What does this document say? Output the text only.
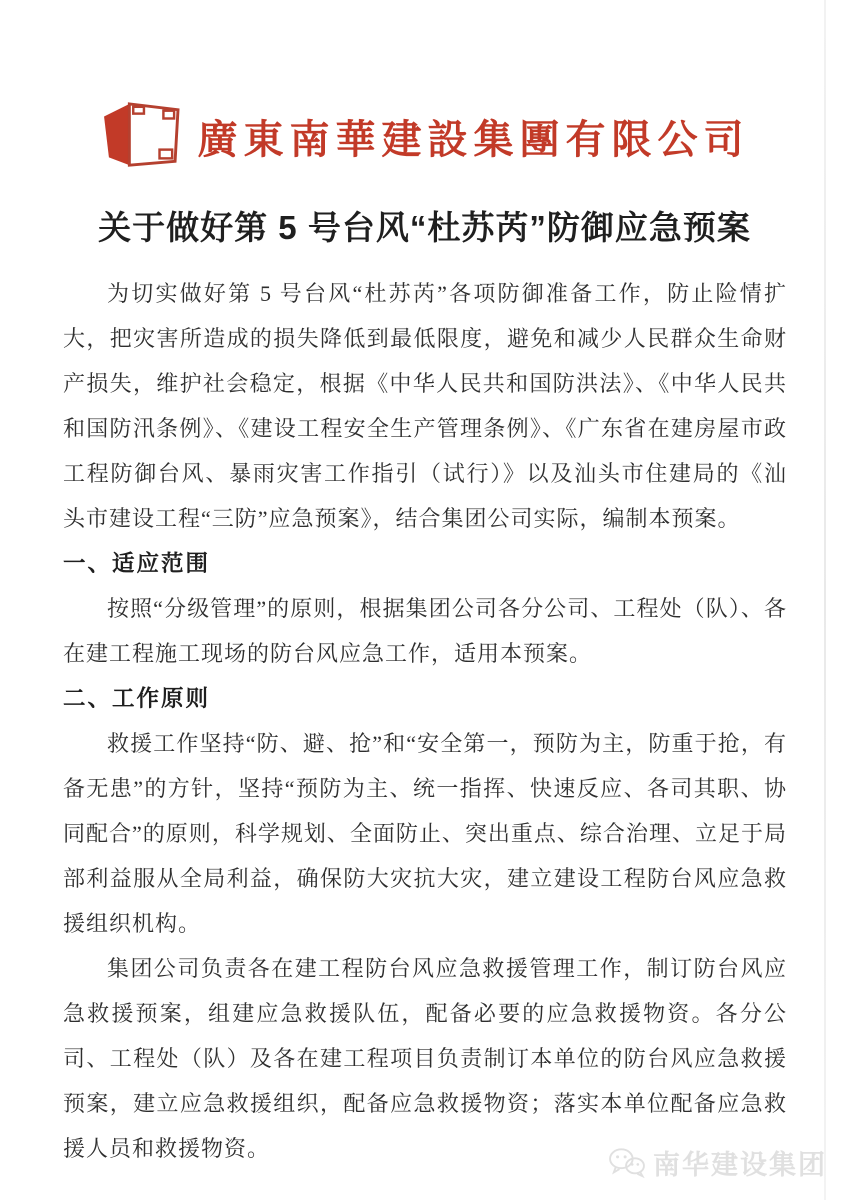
廣東南華建設集團有限公司
关于做好第 5 号台风“杜苏芮”防御应急预案

为切实做好第 5 号台风“杜苏芮”各项防御准备工作，防止险情扩大，把灾害所造成的损失降低到最低限度，避免和减少人民群众生命财产损失，维护社会稳定，根据《中华人民共和国防洪法》、《中华人民共和国防汛条例》、《建设工程安全生产管理条例》、《广东省在建房屋市政工程防御台风、暴雨灾害工作指引（试行）》以及汕头市住建局的《汕头市建设工程“三防”应急预案》，结合集团公司实际，编制本预案。

一、适应范围

按照“分级管理”的原则，根据集团公司各分公司、工程处（队）、各在建工程施工现场的防台风应急工作，适用本预案。

二、工作原则

救援工作坚持“防、避、抢”和“安全第一，预防为主，防重于抢，有备无患”的方针，坚持“预防为主、统一指挥、快速反应、各司其职、协同配合”的原则，科学规划、全面防止、突出重点、综合治理、立足于局部利益服从全局利益，确保防大灾抗大灾，建立建设工程防台风应急救援组织机构。

集团公司负责各在建工程防台风应急救援管理工作，制订防台风应急救援预案，组建应急救援队伍，配备必要的应急救援物资。各分公司、工程处（队）及各在建工程项目负责制订本单位的防台风应急救援预案，建立应急救援组织，配备应急救援物资；落实本单位配备应急救援人员和救援物资。

南华建设集团
